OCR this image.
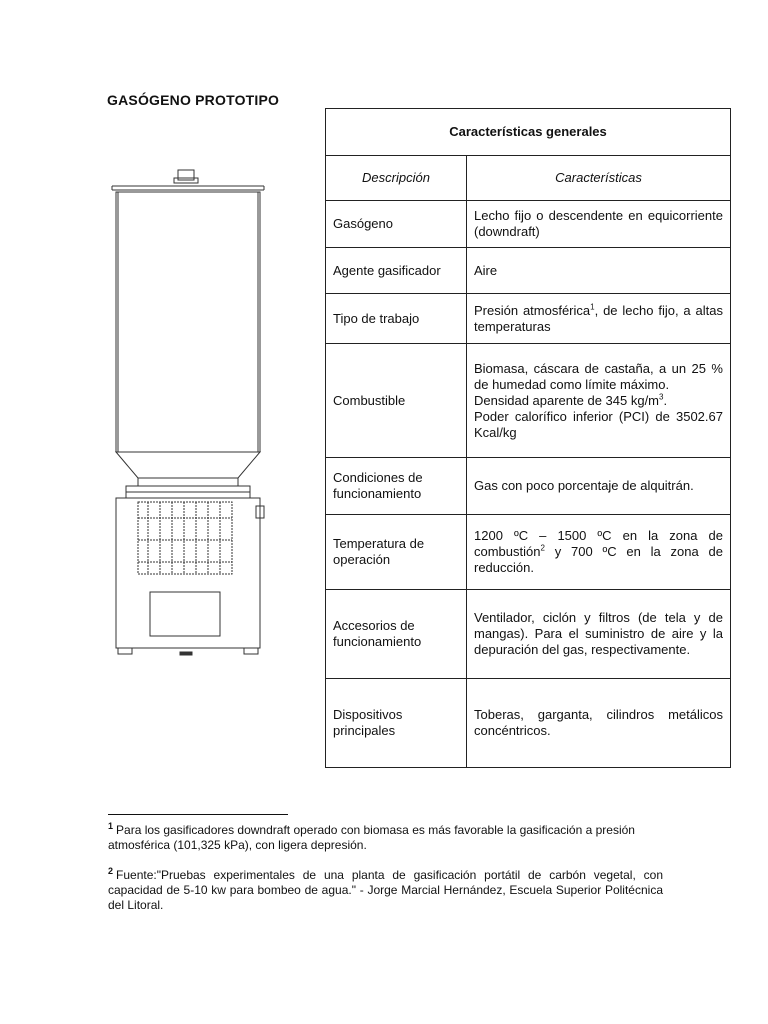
GASÓGENO PROTOTIPO
Características generales	
Descripción	Características
Gasógeno	Lecho fijo o descendente en equicorriente (downdraft)
Agente gasificador	Aire
Tipo de trabajo	Presión atmosférica$^1$, de lecho fijo, a altas temperaturas
Combustible	Biomasa, cáscara de castaña, a un 25 % de humedad como límite máximo.
Densidad aparente de 345 $kg/m^3$.
Poder calorífico inferior (PCI) de 3502.67 Kcal/kg

Condiciones de funcionamiento	Gas con poco porcentaje de alquitrán.
Temperatura de operación	1200 ºC – 1500 ºC en la zona de combustión$^2$ y 700 ºC en la zona de reducción.
Accesorios de funcionamiento	Ventilador, ciclón y filtros (de tela y de mangas). Para el suministro de aire y la depuración del gas, respectivamente.
Dispositivos principales	Toberas, garganta, cilindros metálicos concéntricos.
$^1$ Para los gasificadores downdraft operado con biomasa es más favorable la gasificación a presión atmosférica (101,325 kPa), con ligera depresión.
$^2$ Fuente:"Pruebas experimentales de una planta de gasificación portátil de carbón vegetal, con capacidad de 5-10 kw para bombeo de agua." - Jorge Marcial Hernández, Escuela Superior Politécnica del Litoral.
